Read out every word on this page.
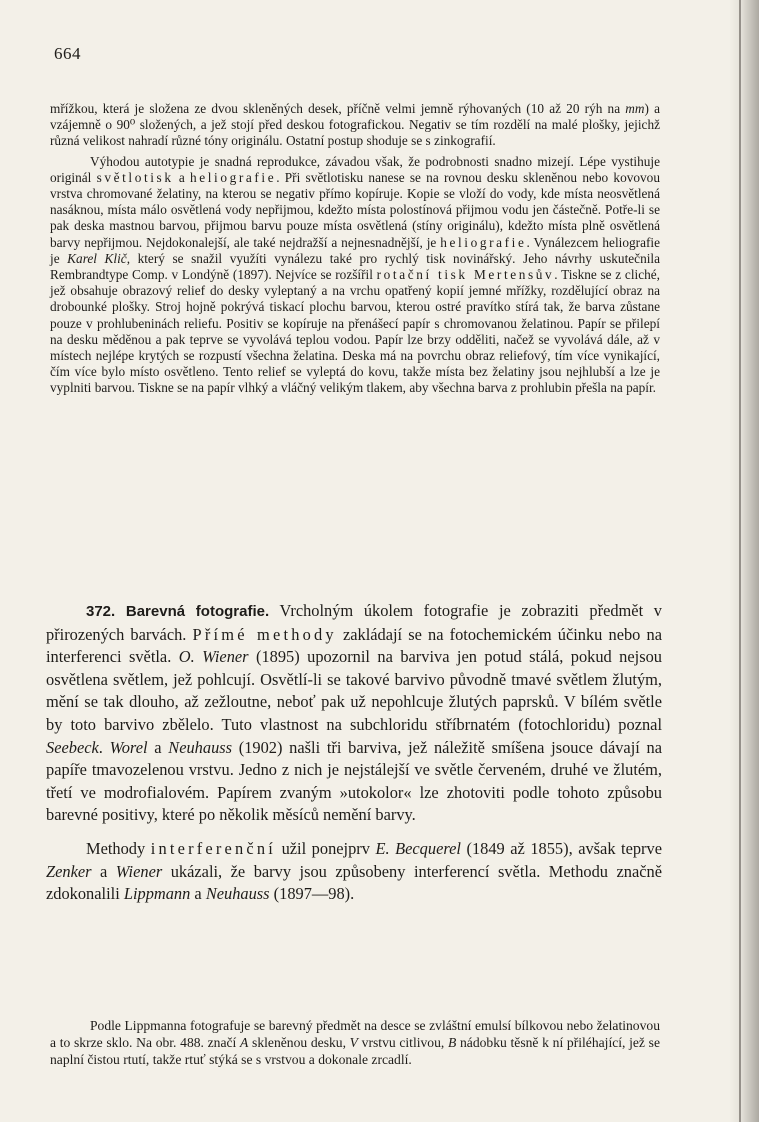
664

mřížkou, která je složena ze dvou skleněných desek, příčně velmi jemně rýhovaných (10 až 20 rýh na mm) a vzájemně o 90⁰ složených, a jež stojí před deskou fotografickou. Negativ se tím rozdělí na malé plošky, jejichž různá velikost nahradí různé tóny originálu. Ostatní postup shoduje se s zinkografií.

Výhodou autotypie je snadná reprodukce, závadou však, že podrobnosti snadno mizejí. Lépe vystihuje originál světlotisk a heliografie. Při světlotisku nanese se na rovnou desku skleněnou nebo kovovou vrstva chromované želatiny, na kterou se negativ přímo kopíruje. Kopie se vloží do vody, kde místa neosvětlená nasáknou, místa málo osvětlená vody nepřijmou, kdežto místa polostínová přijmou vodu jen částečně. Potře-li se pak deska mastnou barvou, přijmou barvu pouze místa osvětlená (stíny originálu), kdežto místa plně osvětlená barvy nepřijmou. Nejdokonalejší, ale také nejdražší a nejnesnadnější, je heliografie. Vynálezcem heliografie je Karel Klič, který se snažil využíti vynálezu také pro rychlý tisk novinářský. Jeho návrhy uskutečnila Rembrandtype Comp. v Londýně (1897). Nejvíce se rozšířil rotační tisk Mertensův. Tiskne se z cliché, jež obsahuje obrazový relief do desky vyleptaný a na vrchu opatřený kopií jemné mřížky, rozdělující obraz na drobounké plošky. Stroj hojně pokrývá tiskací plochu barvou, kterou ostré pravítko stírá tak, že barva zůstane pouze v prohlubeninách reliefu. Positiv se kopíruje na přenášecí papír s chromovanou želatinou. Papír se přilepí na desku měděnou a pak teprve se vyvolává teplou vodou. Papír lze brzy odděliti, načež se vyvolává dále, až v místech nejlépe krytých se rozpustí všechna želatina. Deska má na povrchu obraz reliefový, tím více vynikající, čím více bylo místo osvětleno. Tento relief se vyleptá do kovu, takže místa bez želatiny jsou nejhlubší a lze je vyplniti barvou. Tiskne se na papír vlhký a vláčný velikým tlakem, aby všechna barva z prohlubin přešla na papír.

372. Barevná fotografie. Vrcholným úkolem fotografie je zobraziti předmět v přirozených barvách. Přímé methody zakládají se na fotochemickém účinku nebo na interferenci světla. O. Wiener (1895) upozornil na barviva jen potud stálá, pokud nejsou osvětlena světlem, jež pohlcují. Osvětlí-li se takové barvivo původně tmavé světlem žlutým, mění se tak dlouho, až zežloutne, neboť pak už nepohlcuje žlutých paprsků. V bílém světle by toto barvivo zbělelo. Tuto vlastnost na subchloridu stříbrnatém (fotochloridu) poznal Seebeck. Worel a Neuhauss (1902) našli tři barviva, jež náležitě smíšena jsouce dávají na papíře tmavozelenou vrstvu. Jedno z nich je nejstálejší ve světle červeném, druhé ve žlutém, třetí ve modrofialovém. Papírem zvaným »utokolor« lze zhotoviti podle tohoto způsobu barevné positivy, které po několik měsíců nemění barvy.

Methody interferenční užil ponejprv E. Becquerel (1849 až 1855), avšak teprve Zenker a Wiener ukázali, že barvy jsou způsobeny interferencí světla. Methodu značně zdokonalili Lippmann a Neuhauss (1897—98).

Podle Lippmanna fotografuje se barevný předmět na desce se zvláštní emulsí bílkovou nebo želatinovou a to skrze sklo. Na obr. 488. značí A skleněnou desku, V vrstvu citlivou, B nádobku těsně k ní přiléhající, jež se naplní čistou rtutí, takže rtuť stýká se s vrstvou a dokonale zrcadlí.
